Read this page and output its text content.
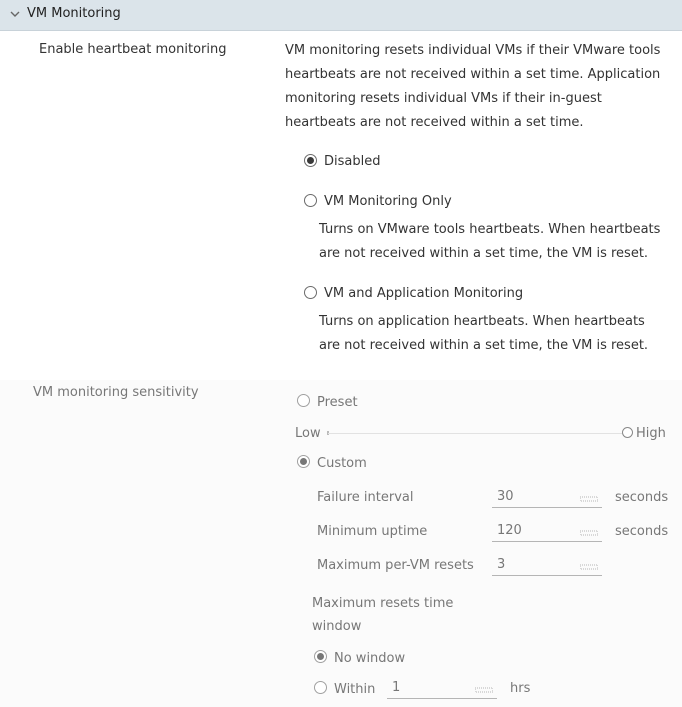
VM Monitoring
Enable heartbeat monitoring	VM monitoring resets individual VMs if their VMware tools heartbeats are not received within a set time. Application monitoring resets individual VMs if their in-guest heartbeats are not received within a set time.
Disabled
VM Monitoring Only
Turns on VMware tools heartbeats. When heartbeats are not received within a set time, the VM is reset.
VM and Application Monitoring
Turns on application heartbeats. When heartbeats are not received within a set time, the VM is reset.
VM monitoring sensitivity
Preset
Low	High
Custom
Failure interval	30	seconds
Minimum uptime	120	seconds
Maximum per-VM resets 3
Maximum resets time
window
No window
Within 1	hrs
